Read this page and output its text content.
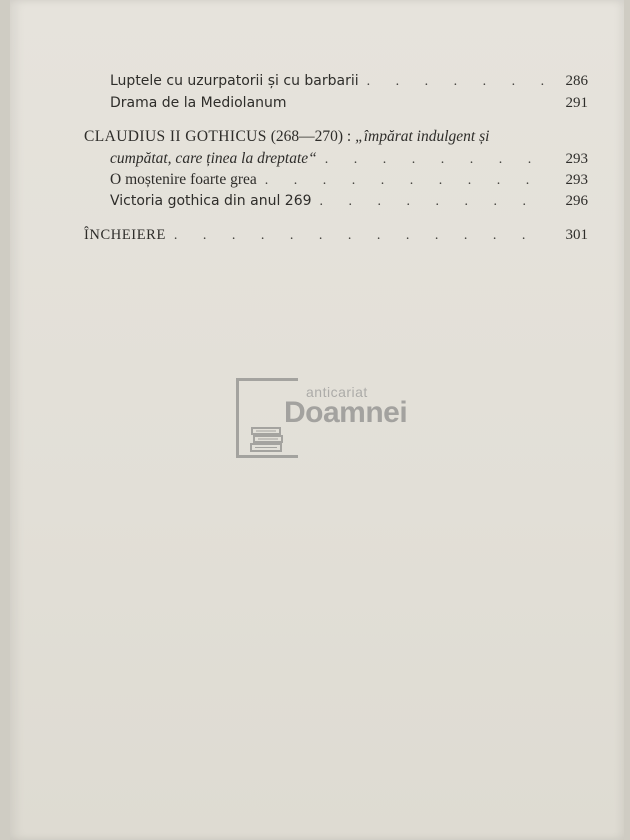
Luptele cu uzurpatorii și cu barbarii . . .	286
Drama de la Mediolanum	291
CLAUDIUS II GOTHICUS (268—270) : „împărat indulgent și
cumpătat, care ținea la dreptate“ . . .	293
O moștenire foarte grea . . .	293
Victoria gothica din anul 269 . . .	296
ÎNCHEIERE . . .	301
anticariat
Doamnei
